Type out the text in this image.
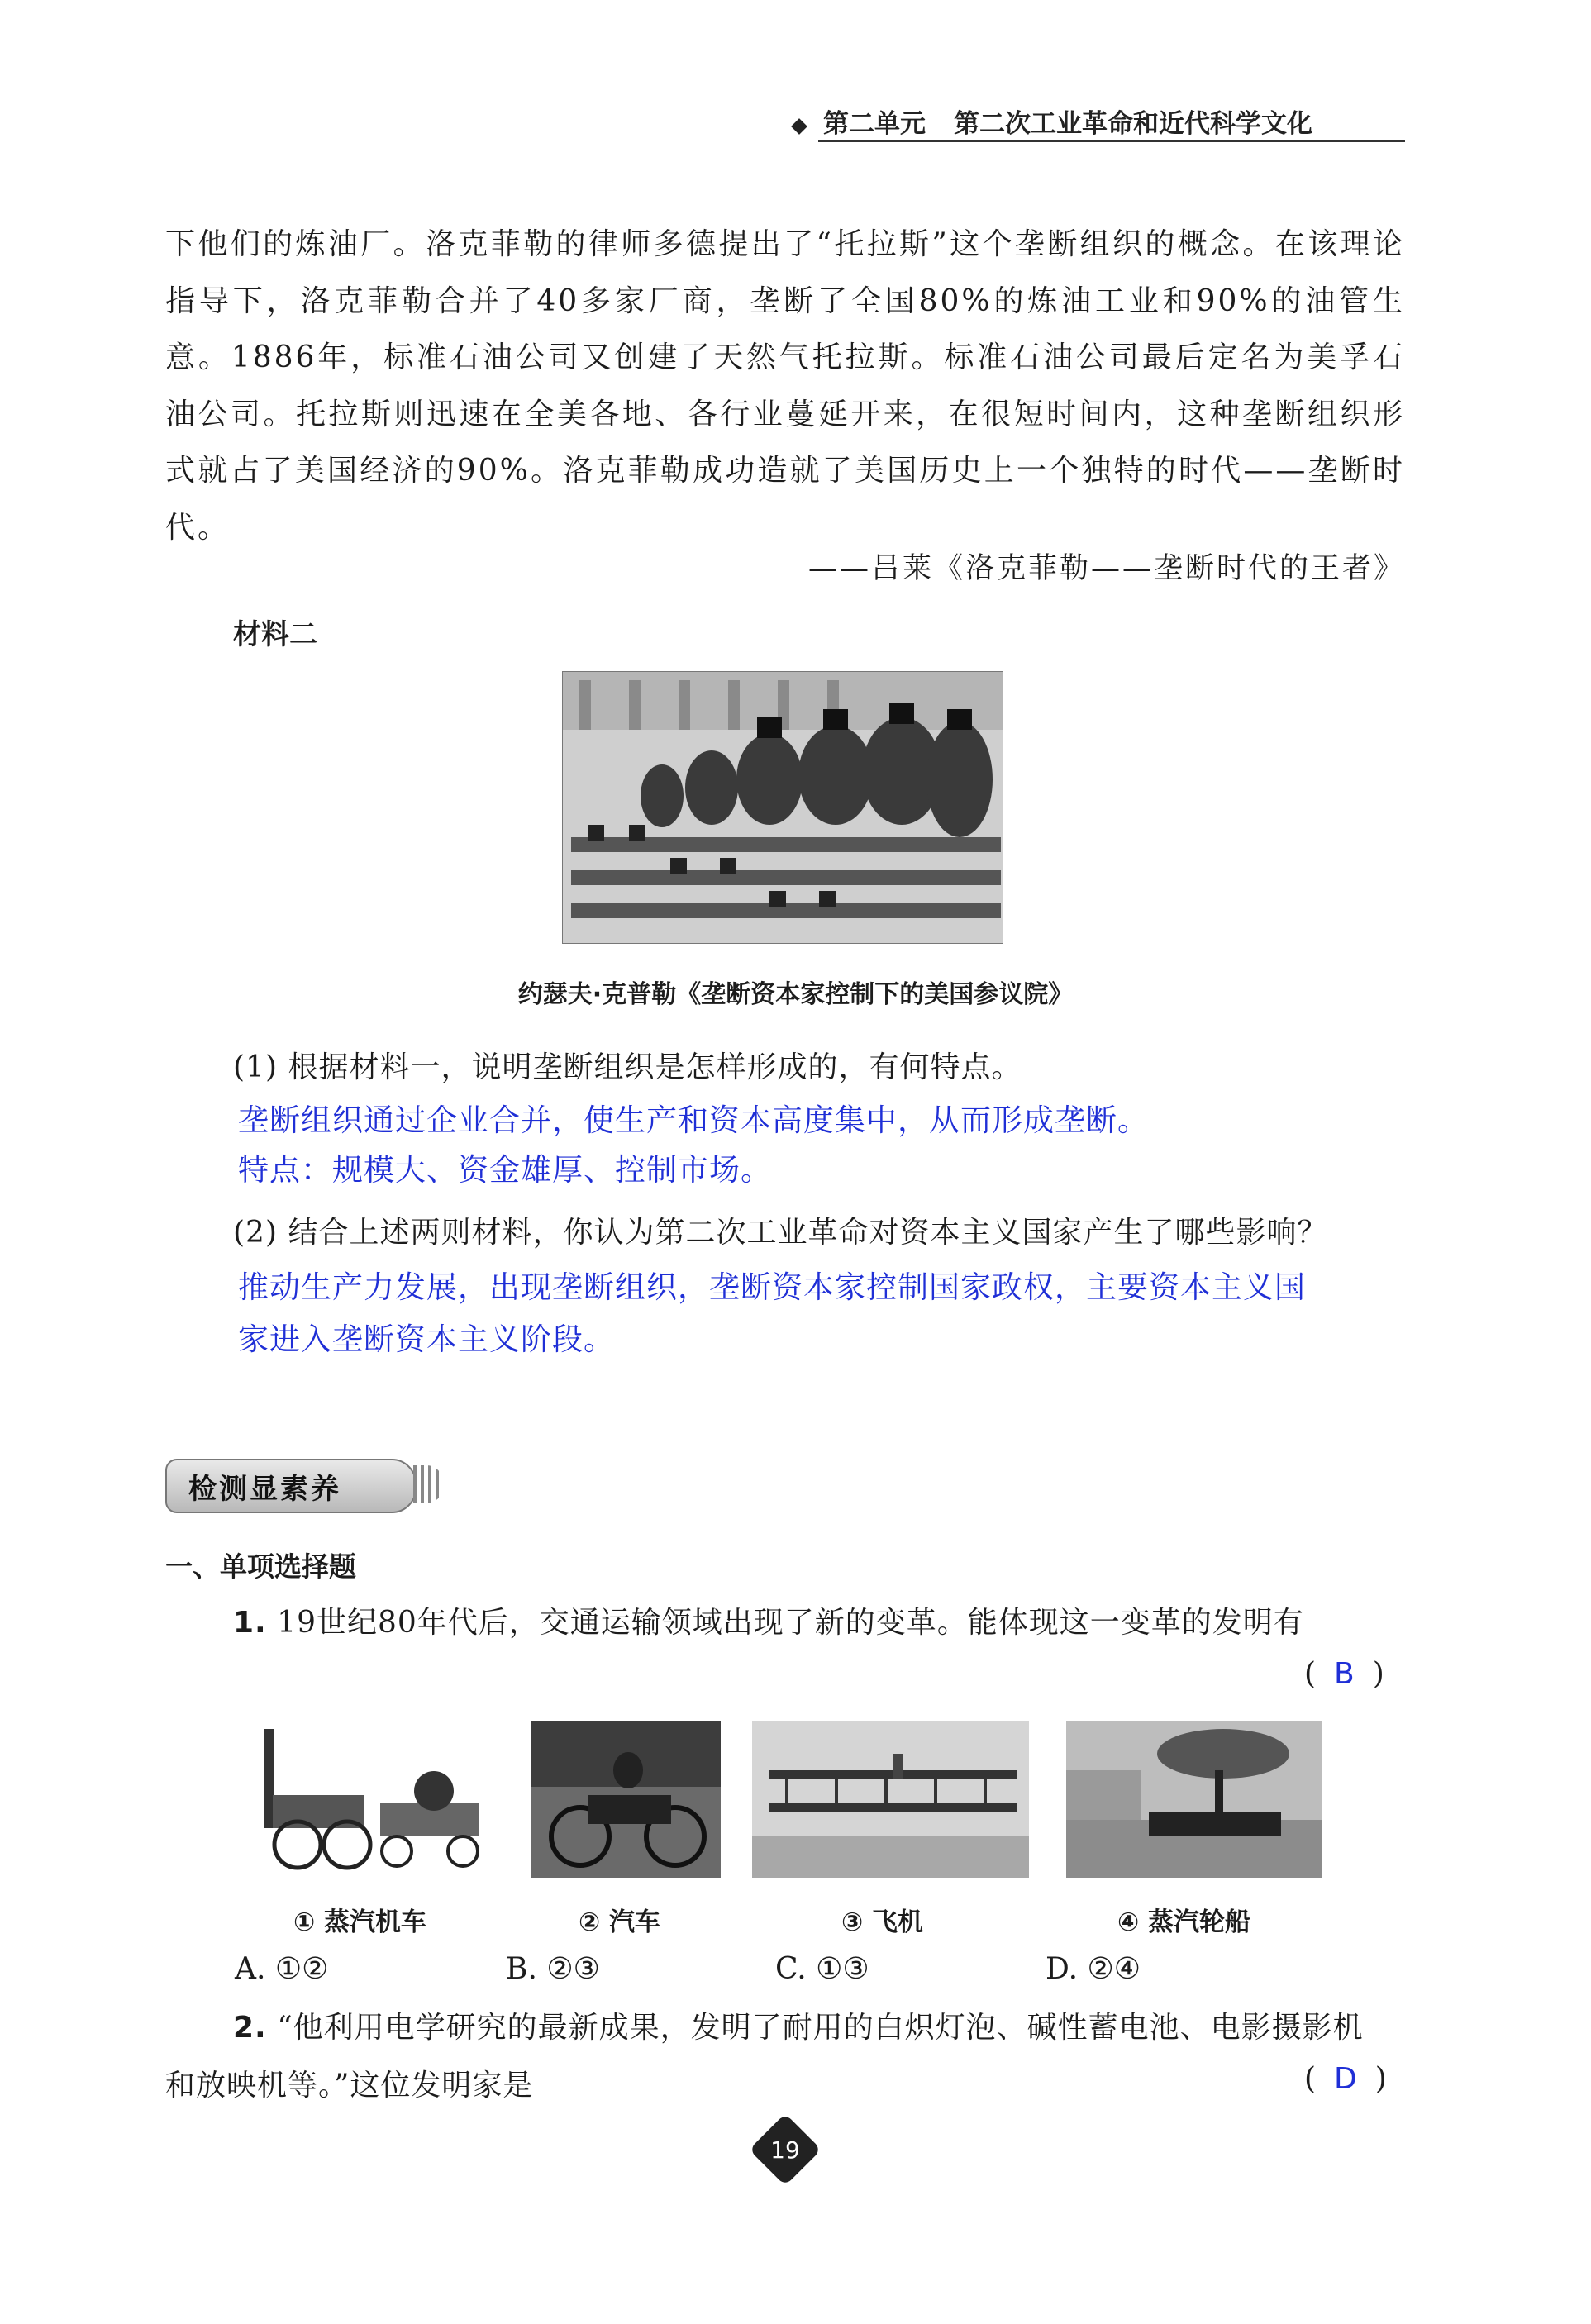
第二单元 第二次工业革命和近代科学文化
下他们的炼油厂。洛克菲勒的律师多德提出了“托拉斯”这个垄断组织的概念。在该理论指导下，洛克菲勒合并了40多家厂商，垄断了全国80%的炼油工业和90%的油管生意。1886年，标准石油公司又创建了天然气托拉斯。标准石油公司最后定名为美孚石油公司。托拉斯则迅速在全美各地、各行业蔓延开来，在很短时间内，这种垄断组织形式就占了美国经济的90%。洛克菲勒成功造就了美国历史上一个独特的时代——垄断时代。
——吕莱《洛克菲勒——垄断时代的王者》
材料二
约瑟夫·克普勒《垄断资本家控制下的美国参议院》
(1) 根据材料一，说明垄断组织是怎样形成的，有何特点。
垄断组织通过企业合并，使生产和资本高度集中，从而形成垄断。
特点：规模大、资金雄厚、控制市场。
(2) 结合上述两则材料，你认为第二次工业革命对资本主义国家产生了哪些影响？
推动生产力发展，出现垄断组织，垄断资本家控制国家政权，主要资本主义国
家进入垄断资本主义阶段。
检测显素养
一、单项选择题
1. 19世纪80年代后，交通运输领域出现了新的变革。能体现这一变革的发明有
( B )
① 蒸汽机车	② 汽车	③ 飞机	④ 蒸汽轮船
A. ①②	B. ②③	C. ①③	D. ②④
2. “他利用电学研究的最新成果，发明了耐用的白炽灯泡、碱性蓄电池、电影摄影机
和放映机等。”这位发明家是	( D )
19
